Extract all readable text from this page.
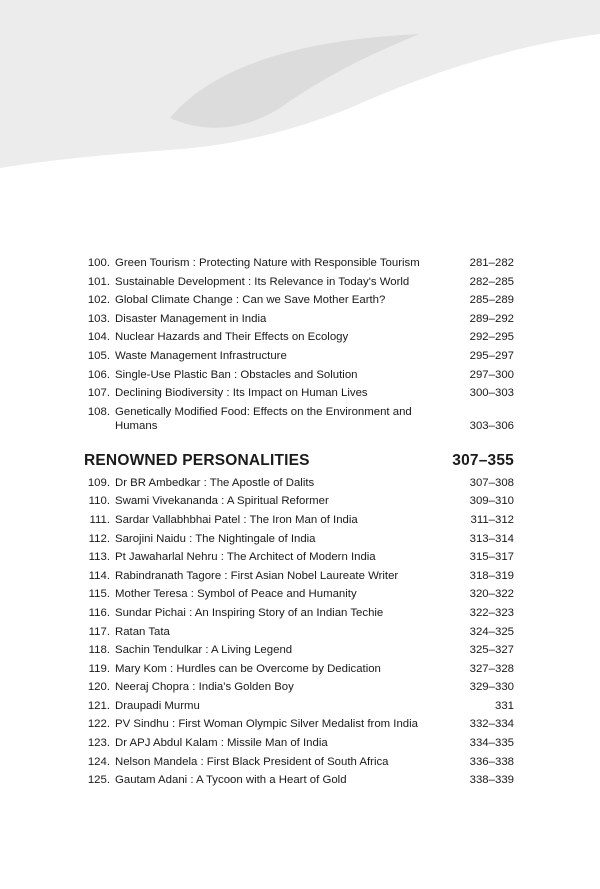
100. Green Tourism : Protecting Nature with Responsible Tourism	281–282
101. Sustainable Development : Its Relevance in Today's World	282–285
102. Global Climate Change : Can we Save Mother Earth?	285–289
103. Disaster Management in India	289–292
104. Nuclear Hazards and Their Effects on Ecology	292–295
105. Waste Management Infrastructure	295–297
106. Single-Use Plastic Ban : Obstacles and Solution	297–300
107. Declining Biodiversity : Its Impact on Human Lives	300–303
108. Genetically Modified Food: Effects on the Environment and Humans	303–306
RENOWNED PERSONALITIES	307–355
109. Dr BR Ambedkar : The Apostle of Dalits	307–308
110. Swami Vivekananda : A Spiritual Reformer	309–310
111. Sardar Vallabhbhai Patel : The Iron Man of India	311–312
112. Sarojini Naidu : The Nightingale of India	313–314
113. Pt Jawaharlal Nehru : The Architect of Modern India	315–317
114. Rabindranath Tagore : First Asian Nobel Laureate Writer	318–319
115. Mother Teresa : Symbol of Peace and Humanity	320–322
116. Sundar Pichai : An Inspiring Story of an Indian Techie	322–323
117. Ratan Tata	324–325
118. Sachin Tendulkar : A Living Legend	325–327
119. Mary Kom : Hurdles can be Overcome by Dedication	327–328
120. Neeraj Chopra : India's Golden Boy	329–330
121. Draupadi Murmu	331
122. PV Sindhu : First Woman Olympic Silver Medalist from India	332–334
123. Dr APJ Abdul Kalam : Missile Man of India	334–335
124. Nelson Mandela : First Black President of South Africa	336–338
125. Gautam Adani : A Tycoon with a Heart of Gold	338–339
